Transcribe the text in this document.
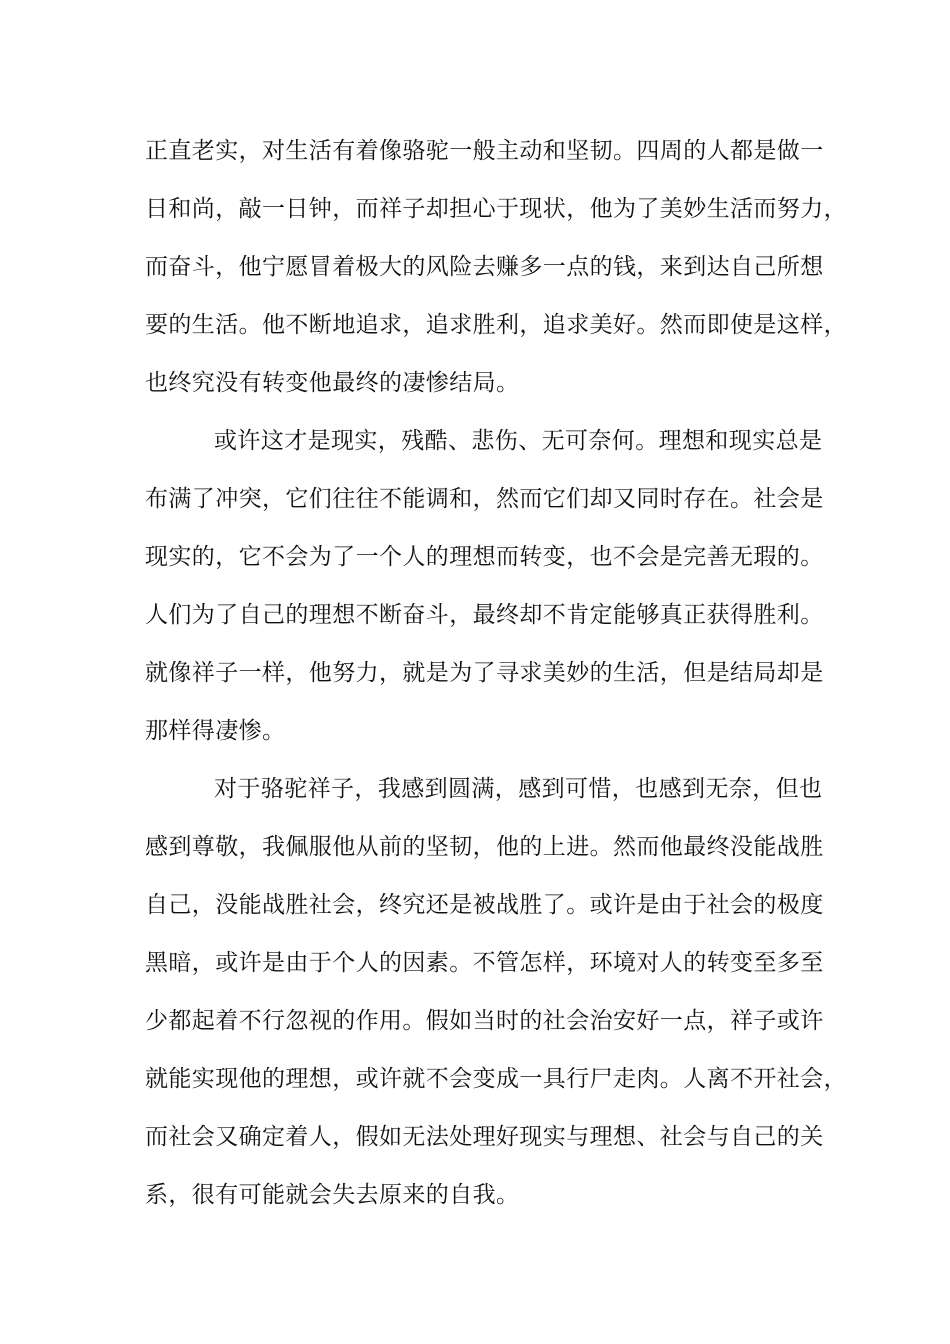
正直老实，对生活有着像骆驼一般主动和坚韧。四周的人都是做一
日和尚，敲一日钟，而祥子却担心于现状，他为了美妙生活而努力，
而奋斗，他宁愿冒着极大的风险去赚多一点的钱，来到达自己所想
要的生活。他不断地追求，追求胜利，追求美好。然而即使是这样，
也终究没有转变他最终的凄惨结局。
或许这才是现实，残酷、悲伤、无可奈何。理想和现实总是
布满了冲突，它们往往不能调和，然而它们却又同时存在。社会是
现实的，它不会为了一个人的理想而转变，也不会是完善无瑕的。
人们为了自己的理想不断奋斗，最终却不肯定能够真正获得胜利。
就像祥子一样，他努力，就是为了寻求美妙的生活，但是结局却是
那样得凄惨。
对于骆驼祥子，我感到圆满，感到可惜，也感到无奈，但也
感到尊敬，我佩服他从前的坚韧，他的上进。然而他最终没能战胜
自己，没能战胜社会，终究还是被战胜了。或许是由于社会的极度
黑暗，或许是由于个人的因素。不管怎样，环境对人的转变至多至
少都起着不行忽视的作用。假如当时的社会治安好一点，祥子或许
就能实现他的理想，或许就不会变成一具行尸走肉。人离不开社会，
而社会又确定着人，假如无法处理好现实与理想、社会与自己的关
系，很有可能就会失去原来的自我。
